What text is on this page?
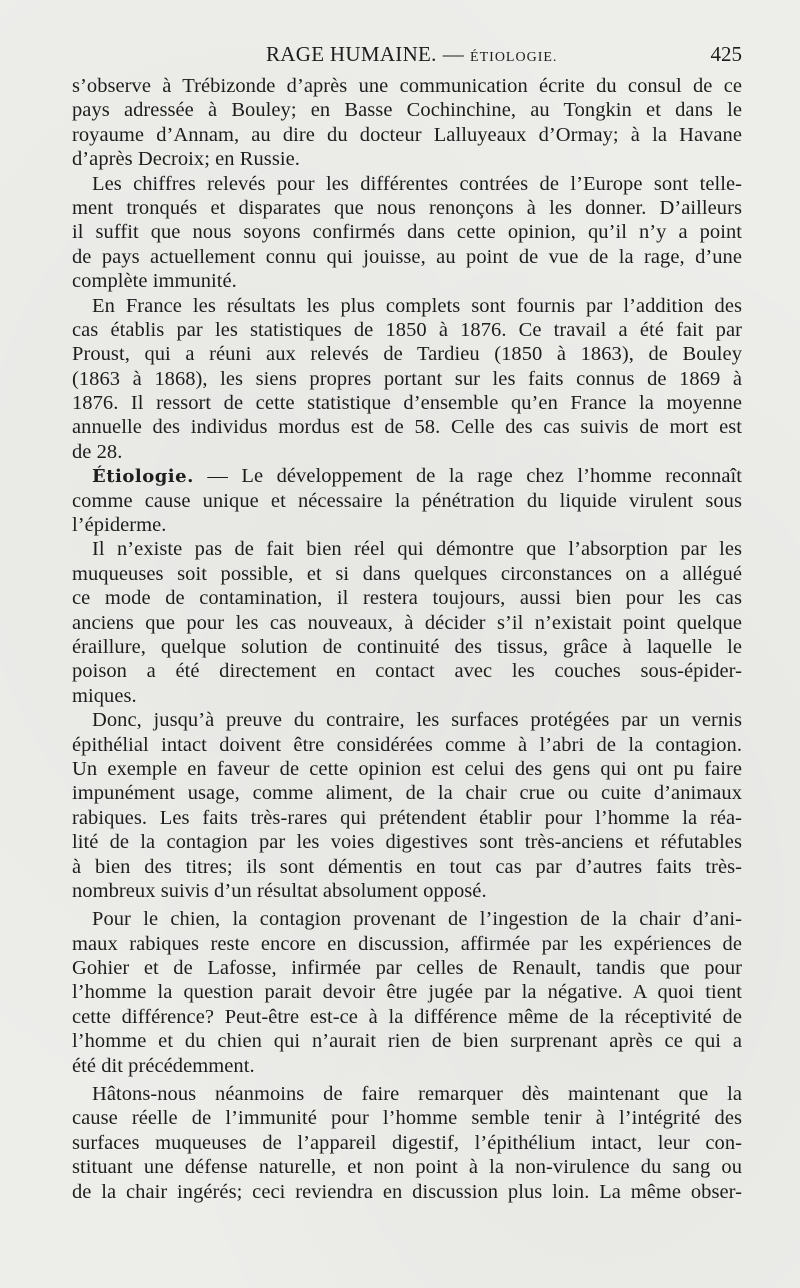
RAGE HUMAINE. — ÉTIOLOGIE.	425
s’observe à Trébizonde d’après une communication écrite du consul de ce
pays adressée à Bouley; en Basse Cochinchine, au Tongkin et dans le
royaume d’Annam, au dire du docteur Lalluyeaux d’Ormay; à la Havane
d’après Decroix; en Russie.
Les chiffres relevés pour les différentes contrées de l’Europe sont telle-
ment tronqués et disparates que nous renonçons à les donner. D’ailleurs
il suffit que nous soyons confirmés dans cette opinion, qu’il n’y a point
de pays actuellement connu qui jouisse, au point de vue de la rage, d’une
complète immunité.
En France les résultats les plus complets sont fournis par l’addition des
cas établis par les statistiques de 1850 à 1876. Ce travail a été fait par
Proust, qui a réuni aux relevés de Tardieu (1850 à 1863), de Bouley
(1863 à 1868), les siens propres portant sur les faits connus de 1869 à
1876. Il ressort de cette statistique d’ensemble qu’en France la moyenne
annuelle des individus mordus est de 58. Celle des cas suivis de mort est
de 28.
Étiologie. — Le développement de la rage chez l’homme reconnaît
comme cause unique et nécessaire la pénétration du liquide virulent sous
l’épiderme.
Il n’existe pas de fait bien réel qui démontre que l’absorption par les
muqueuses soit possible, et si dans quelques circonstances on a allégué
ce mode de contamination, il restera toujours, aussi bien pour les cas
anciens que pour les cas nouveaux, à décider s’il n’existait point quelque
éraillure, quelque solution de continuité des tissus, grâce à laquelle le
poison a été directement en contact avec les couches sous-épider-
miques.
Donc, jusqu’à preuve du contraire, les surfaces protégées par un vernis
épithélial intact doivent être considérées comme à l’abri de la contagion.
Un exemple en faveur de cette opinion est celui des gens qui ont pu faire
impunément usage, comme aliment, de la chair crue ou cuite d’animaux
rabiques. Les faits très-rares qui prétendent établir pour l’homme la réa-
lité de la contagion par les voies digestives sont très-anciens et réfutables
à bien des titres; ils sont démentis en tout cas par d’autres faits très-
nombreux suivis d’un résultat absolument opposé.
Pour le chien, la contagion provenant de l’ingestion de la chair d’ani-
maux rabiques reste encore en discussion, affirmée par les expériences de
Gohier et de Lafosse, infirmée par celles de Renault, tandis que pour
l’homme la question parait devoir être jugée par la négative. A quoi tient
cette différence? Peut-être est-ce à la différence même de la réceptivité de
l’homme et du chien qui n’aurait rien de bien surprenant après ce qui a
été dit précédemment.
Hâtons-nous néanmoins de faire remarquer dès maintenant que la
cause réelle de l’immunité pour l’homme semble tenir à l’intégrité des
surfaces muqueuses de l’appareil digestif, l’épithélium intact, leur con-
stituant une défense naturelle, et non point à la non-virulence du sang ou
de la chair ingérés; ceci reviendra en discussion plus loin. La même obser-
